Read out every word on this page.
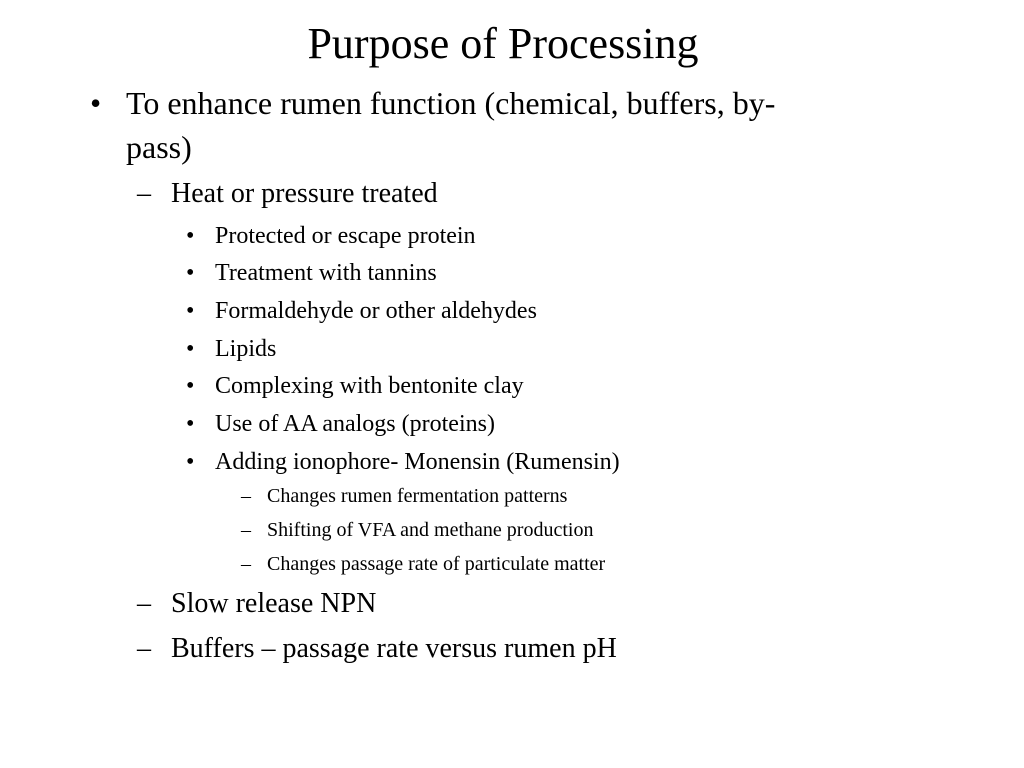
Purpose of Processing
• To enhance rumen function (chemical, buffers, by-
pass)
– Heat or pressure treated
• Protected or escape protein
• Treatment with tannins
• Formaldehyde or other aldehydes
• Lipids
• Complexing with bentonite clay
• Use of AA analogs (proteins)
• Adding ionophore- Monensin (Rumensin)
– Changes rumen fermentation patterns
– Shifting of VFA and methane production
– Changes passage rate of particulate matter
– Slow release NPN
– Buffers – passage rate versus rumen pH
